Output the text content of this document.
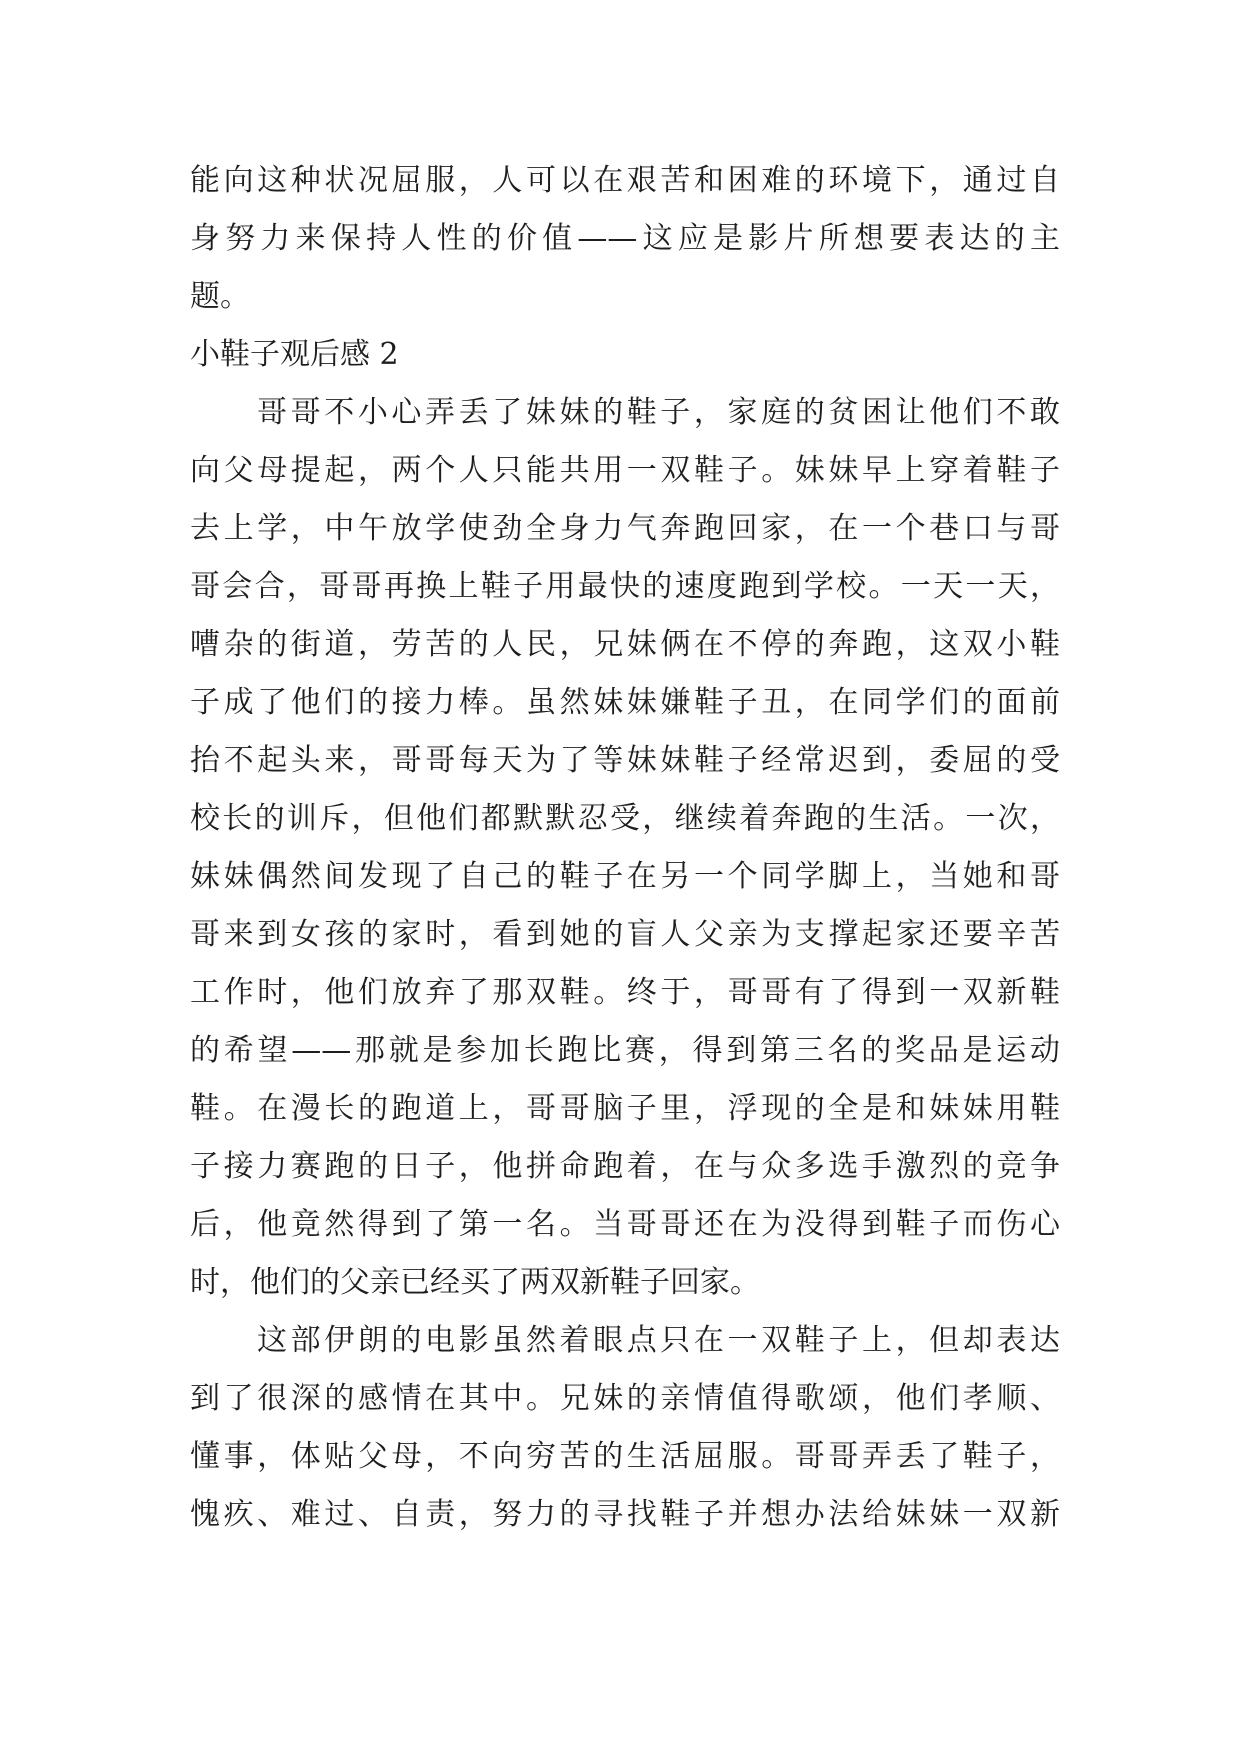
能向这种状况屈服，人可以在艰苦和困难的环境下，通过自

身努力来保持人性的价值——这应是影片所想要表达的主

题。

小鞋子观后感 2

哥哥不小心弄丢了妹妹的鞋子，家庭的贫困让他们不敢

向父母提起，两个人只能共用一双鞋子。妹妹早上穿着鞋子

去上学，中午放学使劲全身力气奔跑回家，在一个巷口与哥

哥会合，哥哥再换上鞋子用最快的速度跑到学校。一天一天，

嘈杂的街道，劳苦的人民，兄妹俩在不停的奔跑，这双小鞋

子成了他们的接力棒。虽然妹妹嫌鞋子丑，在同学们的面前

抬不起头来，哥哥每天为了等妹妹鞋子经常迟到，委屈的受

校长的训斥，但他们都默默忍受，继续着奔跑的生活。一次，

妹妹偶然间发现了自己的鞋子在另一个同学脚上，当她和哥

哥来到女孩的家时，看到她的盲人父亲为支撑起家还要辛苦

工作时，他们放弃了那双鞋。终于，哥哥有了得到一双新鞋

的希望——那就是参加长跑比赛，得到第三名的奖品是运动

鞋。在漫长的跑道上，哥哥脑子里，浮现的全是和妹妹用鞋

子接力赛跑的日子，他拼命跑着，在与众多选手激烈的竞争

后，他竟然得到了第一名。当哥哥还在为没得到鞋子而伤心

时，他们的父亲已经买了两双新鞋子回家。

这部伊朗的电影虽然着眼点只在一双鞋子上，但却表达

到了很深的感情在其中。兄妹的亲情值得歌颂，他们孝顺、

懂事，体贴父母，不向穷苦的生活屈服。哥哥弄丢了鞋子，

愧疚、难过、自责，努力的寻找鞋子并想办法给妹妹一双新
